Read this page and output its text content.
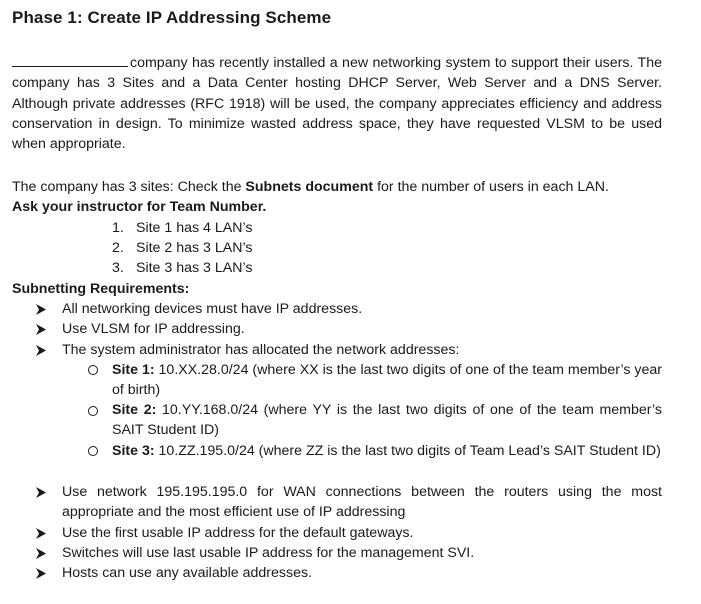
Phase 1: Create IP Addressing Scheme
company has recently installed a new networking system to support their users. The company has 3 Sites and a Data Center hosting DHCP Server, Web Server and a DNS Server. Although private addresses (RFC 1918) will be used, the company appreciates efficiency and address conservation in design. To minimize wasted address space, they have requested VLSM to be used when appropriate.
The company has 3 sites: Check the Subnets document for the number of users in each LAN.
Ask your instructor for Team Number.
1. Site 1 has 4 LAN’s
2. Site 2 has 3 LAN’s
3. Site 3 has 3 LAN’s
Subnetting Requirements:
All networking devices must have IP addresses.
Use VLSM for IP addressing.
The system administrator has allocated the network addresses:
Site 1: 10.XX.28.0/24 (where XX is the last two digits of one of the team member’s year of birth)
Site 2: 10.YY.168.0/24 (where YY is the last two digits of one of the team member’s SAIT Student ID)
Site 3: 10.ZZ.195.0/24 (where ZZ is the last two digits of Team Lead’s SAIT Student ID)
Use network 195.195.195.0 for WAN connections between the routers using the most appropriate and the most efficient use of IP addressing
Use the first usable IP address for the default gateways.
Switches will use last usable IP address for the management SVI.
Hosts can use any available addresses.
